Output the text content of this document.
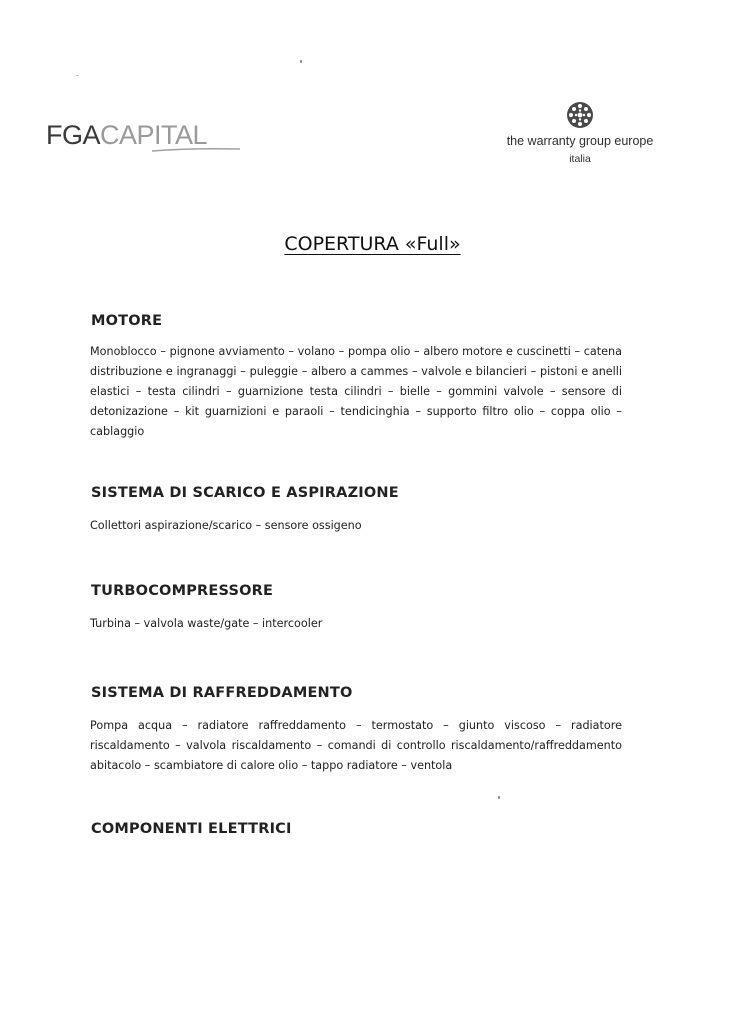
FGACAPITAL	the warranty group europe
italia
COPERTURA «Full»
MOTORE

Monoblocco – pignone avviamento – volano – pompa olio – albero motore e cuscinetti – catena distribuzione e ingranaggi – puleggie – albero a cammes – valvole e bilancieri – pistoni e anelli elastici – testa cilindri – guarnizione testa cilindri – bielle – gommini valvole – sensore di detonizazione – kit guarnizioni e paraoli – tendicinghia – supporto filtro olio – coppa olio – cablaggio

SISTEMA DI SCARICO E ASPIRAZIONE

Collettori aspirazione/scarico – sensore ossigeno

TURBOCOMPRESSORE

Turbina – valvola waste/gate – intercooler

SISTEMA DI RAFFREDDAMENTO

Pompa acqua – radiatore raffreddamento – termostato – giunto viscoso – radiatore riscaldamento – valvola riscaldamento – comandi di controllo riscaldamento/raffreddamento abitacolo – scambiatore di calore olio – tappo radiatore – ventola

COMPONENTI ELETTRICI
